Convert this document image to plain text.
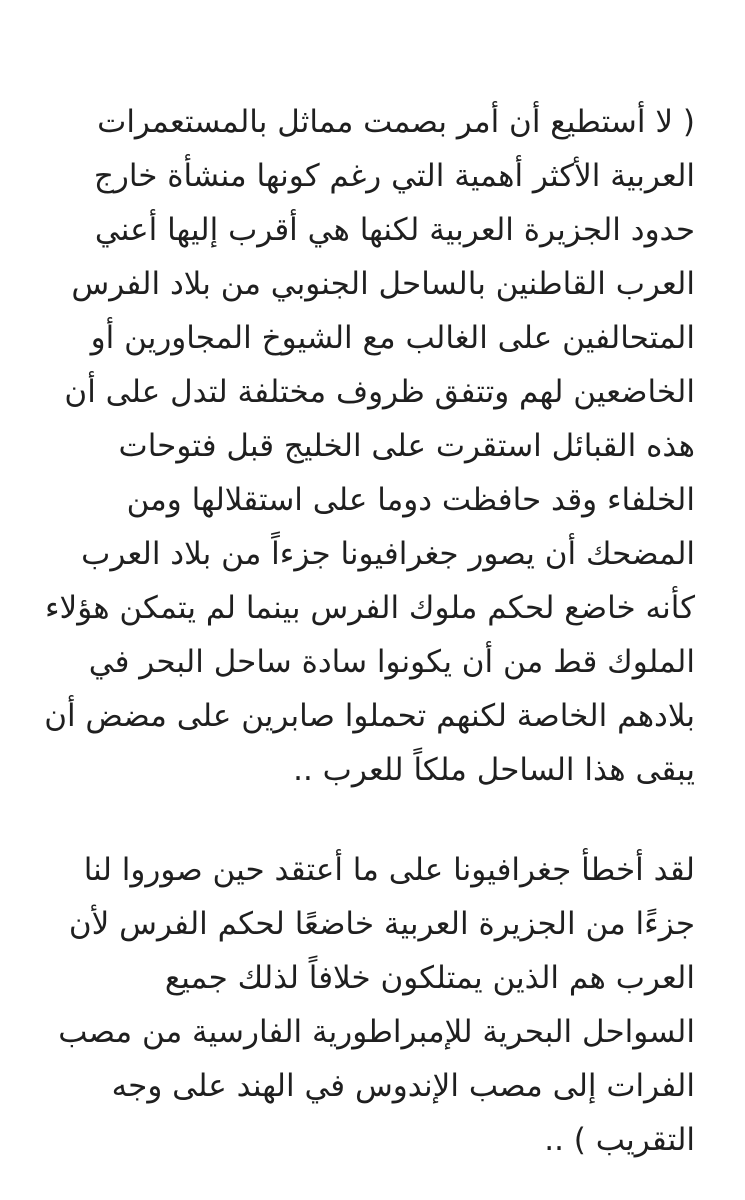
( لا أستطيع أن أمر بصمت مماثل بالمستعمرات
العربية الأكثر أهمية التي رغم كونها منشأة خارج
حدود الجزيرة العربية لكنها هي أقرب إليها أعني
العرب القاطنين بالساحل الجنوبي من بلاد الفرس
المتحالفين على الغالب مع الشيوخ المجاورين أو
الخاضعين لهم وتتفق ظروف مختلفة لتدل على أن
هذه القبائل استقرت على الخليج قبل فتوحات
الخلفاء وقد حافظت دوما على استقلالها ومن
المضحك أن يصور جغرافيونا جزءاً من بلاد العرب
كأنه خاضع لحكم ملوك الفرس بينما لم يتمكن هؤلاء
الملوك قط من أن يكونوا سادة ساحل البحر في
بلادهم الخاصة لكنهم تحملوا صابرين على مضض أن
يبقى هذا الساحل ملكاً للعرب ..
لقد أخطأ جغرافيونا على ما أعتقد حين صوروا لنا
جزءًا من الجزيرة العربية خاضعًا لحكم الفرس لأن
العرب هم الذين يمتلكون خلافاً لذلك جميع
السواحل البحرية للإمبراطورية الفارسية من مصب
الفرات إلى مصب الإندوس في الهند على وجه
التقريب ) ..
